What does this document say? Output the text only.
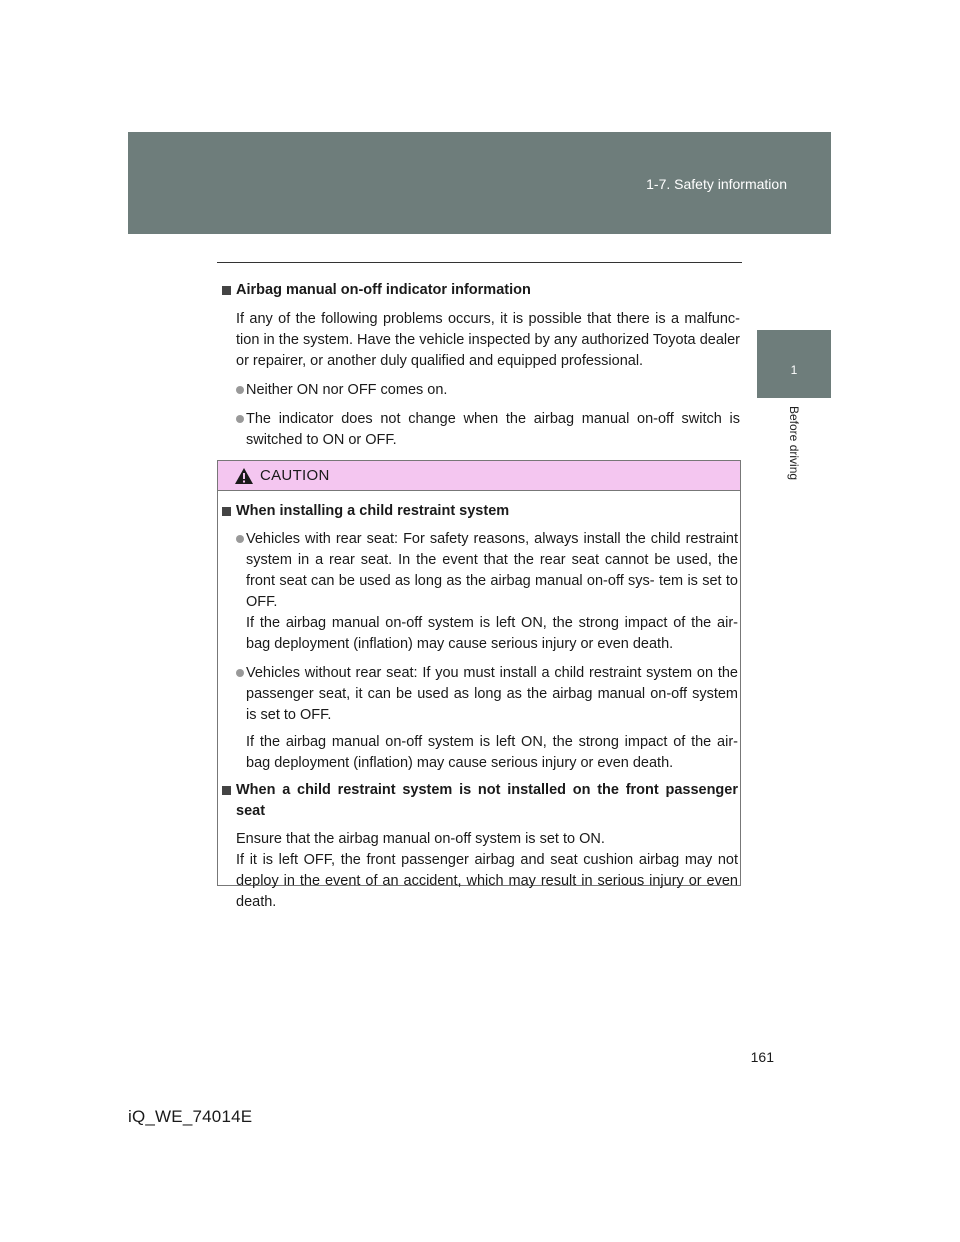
1-7. Safety information
1
Before driving

Airbag manual on-off indicator information

If any of the following problems occurs, it is possible that there is a malfunc- tion in the system. Have the vehicle inspected by any authorized Toyota dealer or repairer, or another duly qualified and equipped professional.

Neither ON nor OFF comes on.

The indicator does not change when the airbag manual on-off switch is switched to ON or OFF.

CAUTION

When installing a child restraint system

Vehicles with rear seat: For safety reasons, always install the child restraint system in a rear seat. In the event that the rear seat cannot be used, the front seat can be used as long as the airbag manual on-off sys- tem is set to OFF.
If the airbag manual on-off system is left ON, the strong impact of the air- bag deployment (inflation) may cause serious injury or even death.

Vehicles without rear seat: If you must install a child restraint system on the passenger seat, it can be used as long as the airbag manual on-off system is set to OFF.

If the airbag manual on-off system is left ON, the strong impact of the air- bag deployment (inflation) may cause serious injury or even death.

When a child restraint system is not installed on the front passenger seat

Ensure that the airbag manual on-off system is set to ON.
If it is left OFF, the front passenger airbag and seat cushion airbag may not deploy in the event of an accident, which may result in serious injury or even death.

161
iQ_WE_74014E
